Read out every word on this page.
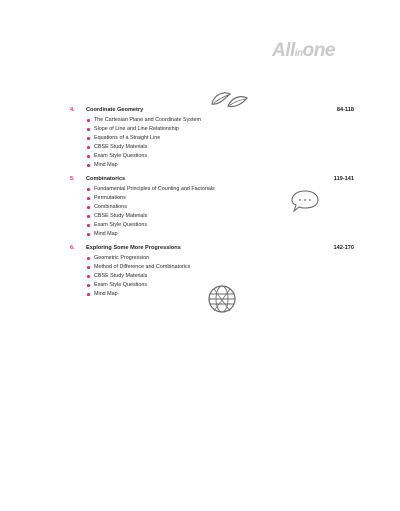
Allinone
4. Coordinate Geometry	84-118
The Cartesian Plane and Coordinate System
Slope of Line and Line Relationship
Equations of a Straight Line
CBSE Study Materials
Exam Style Questions
Mind Map
5. Combinatorics	119-141
Fundamental Principles of Counting and Factorials
Permutations
Combinations
CBSE Study Materials
Exam Style Questions
Mind Map
6. Exploring Some More Progressions	142-170
Geometric Progression
Method of Difference and Combinatorics
CBSE Study Materials
Exam Style Questions
Mind Map
